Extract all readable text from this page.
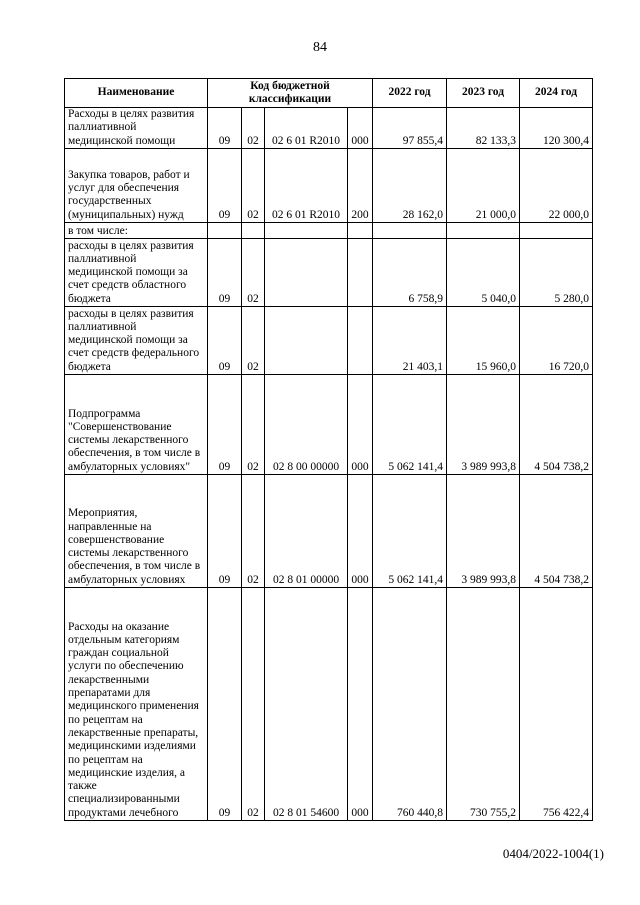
84
Наименование	Код бюджетной классификации				2022 год	2023 год	2024 год
Расходы в целях развития паллиативной медицинской помощи	09	02	02 6 01 R2010	000	97 855,4	82 133,3	120 300,4
Закупка товаров, работ и услуг для обеспечения государственных (муниципальных) нужд	09	02	02 6 01 R2010	200	28 162,0	21 000,0	22 000,0
в том числе:							
расходы в целях развития паллиативной медицинской помощи за счет средств областного бюджета	09	02			6 758,9	5 040,0	5 280,0
расходы в целях развития паллиативной медицинской помощи за счет средств федерального бюджета	09	02			21 403,1	15 960,0	16 720,0
Подпрограмма "Совершенствование системы лекарственного обеспечения, в том числе в амбулаторных условиях"	09	02	02 8 00 00000	000	5 062 141,4	3 989 993,8	4 504 738,2
Мероприятия, направленные на совершенствование системы лекарственного обеспечения, в том числе в амбулаторных условиях	09	02	02 8 01 00000	000	5 062 141,4	3 989 993,8	4 504 738,2
Расходы на оказание отдельным категориям граждан социальной услуги по обеспечению лекарственными препаратами для медицинского применения по рецептам на лекарственные препараты, медицинскими изделиями по рецептам на медицинские изделия, а также специализированными продуктами лечебного	09	02	02 8 01 54600	000	760 440,8	730 755,2	756 422,4
0404/2022-1004(1)
